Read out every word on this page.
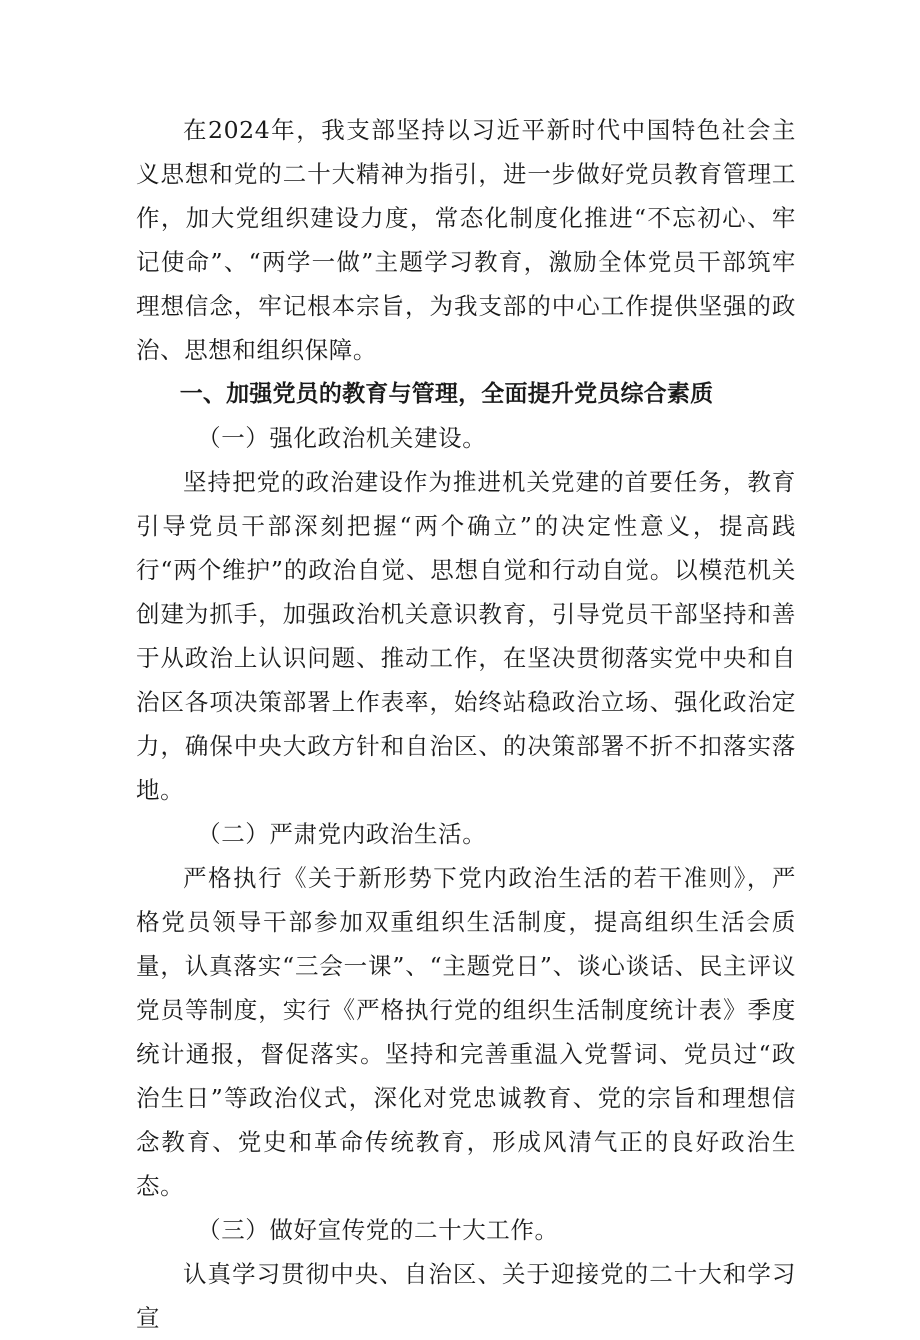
在2024年，我支部坚持以习近平新时代中国特色社会主义思想和党的二十大精神为指引，进一步做好党员教育管理工作，加大党组织建设力度，常态化制度化推进“不忘初心、牢记使命”、“两学一做”主题学习教育，激励全体党员干部筑牢理想信念，牢记根本宗旨，为我支部的中心工作提供坚强的政治、思想和组织保障。

一、加强党员的教育与管理，全面提升党员综合素质

（一）强化政治机关建设。

坚持把党的政治建设作为推进机关党建的首要任务，教育引导党员干部深刻把握“两个确立”的决定性意义，提高践行“两个维护”的政治自觉、思想自觉和行动自觉。以模范机关创建为抓手，加强政治机关意识教育，引导党员干部坚持和善于从政治上认识问题、推动工作，在坚决贯彻落实党中央和自治区各项决策部署上作表率，始终站稳政治立场、强化政治定力，确保中央大政方针和自治区、的决策部署不折不扣落实落地。

（二）严肃党内政治生活。

严格执行《关于新形势下党内政治生活的若干准则》，严格党员领导干部参加双重组织生活制度，提高组织生活会质量，认真落实“三会一课”、“主题党日”、谈心谈话、民主评议党员等制度，实行《严格执行党的组织生活制度统计表》季度统计通报，督促落实。坚持和完善重温入党誓词、党员过“政治生日”等政治仪式，深化对党忠诚教育、党的宗旨和理想信念教育、党史和革命传统教育，形成风清气正的良好政治生态。

（三）做好宣传党的二十大工作。

认真学习贯彻中央、自治区、关于迎接党的二十大和学习宣
